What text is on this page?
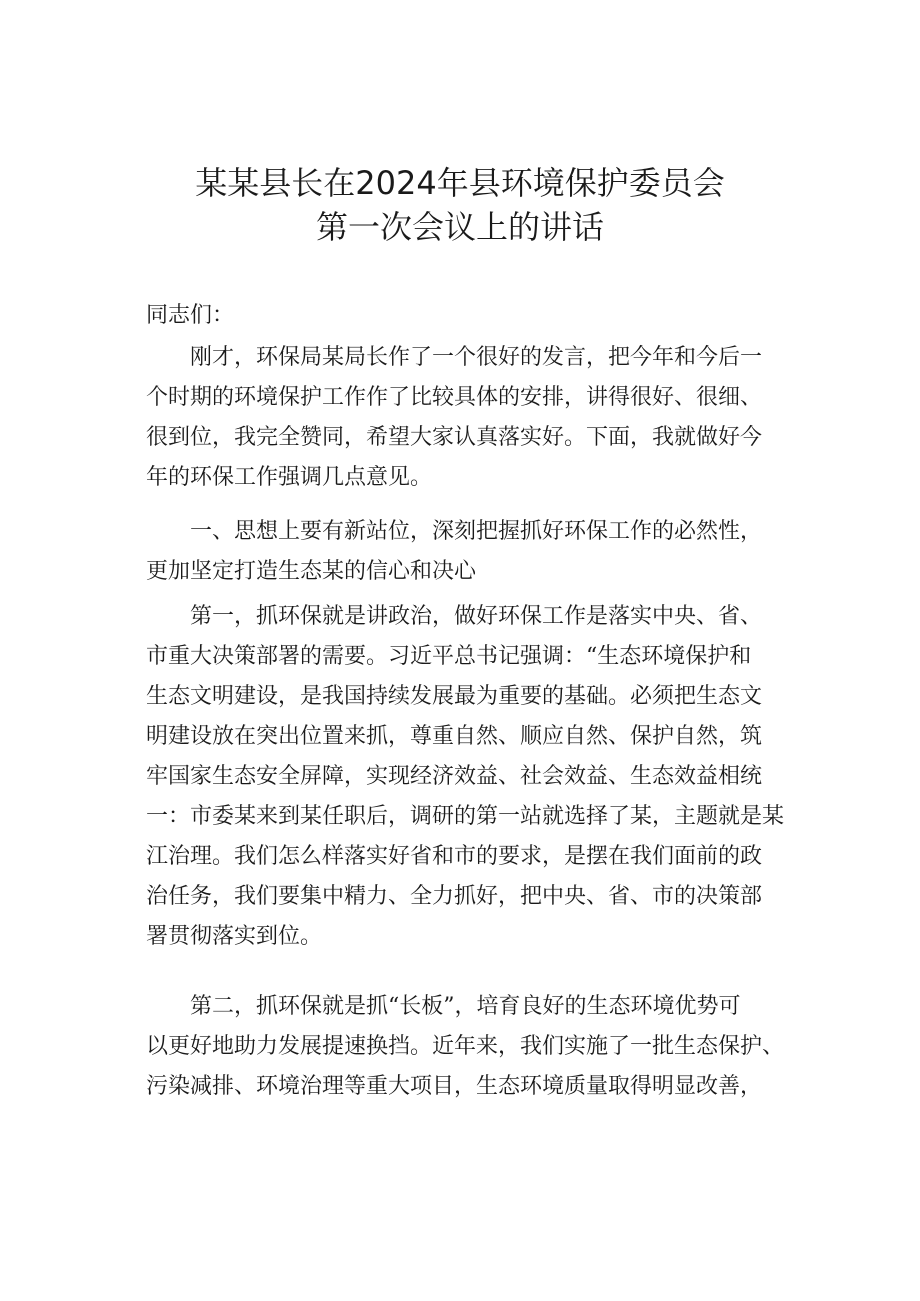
某某县长在2024年县环境保护委员会
第一次会议上的讲话
同志们：
　　刚才，环保局某局长作了一个很好的发言，把今年和今后一
个时期的环境保护工作作了比较具体的安排，讲得很好、很细、
很到位，我完全赞同，希望大家认真落实好。下面，我就做好今
年的环保工作强调几点意见。
　　一、思想上要有新站位，深刻把握抓好环保工作的必然性，
更加坚定打造生态某的信心和决心
　　第一，抓环保就是讲政治，做好环保工作是落实中央、省、
市重大决策部署的需要。习近平总书记强调：“生态环境保护和
生态文明建设，是我国持续发展最为重要的基础。必须把生态文
明建设放在突出位置来抓，尊重自然、顺应自然、保护自然，筑
牢国家生态安全屏障，实现经济效益、社会效益、生态效益相统
一：市委某来到某任职后，调研的第一站就选择了某，主题就是某
江治理。我们怎么样落实好省和市的要求，是摆在我们面前的政
治任务，我们要集中精力、全力抓好，把中央、省、市的决策部
署贯彻落实到位。
　　第二，抓环保就是抓“长板”，培育良好的生态环境优势可
以更好地助力发展提速换挡。近年来，我们实施了一批生态保护、
污染减排、环境治理等重大项目，生态环境质量取得明显改善，
